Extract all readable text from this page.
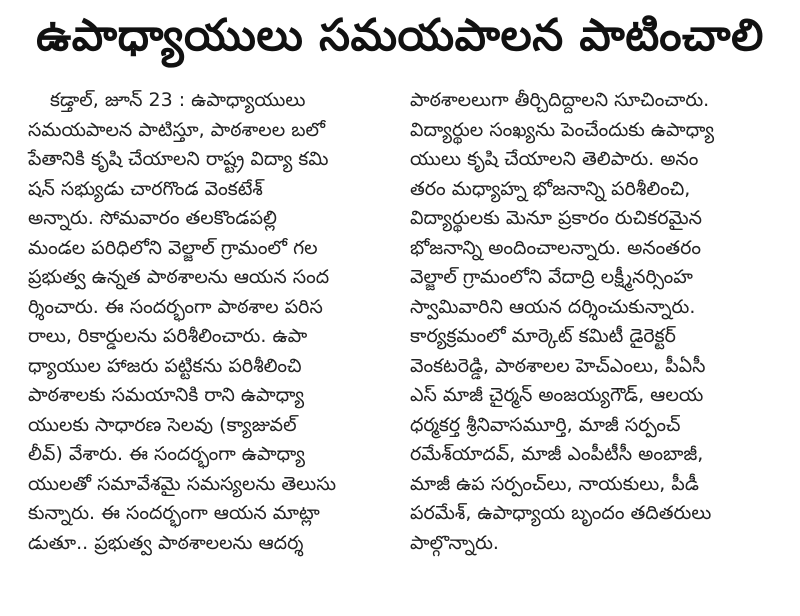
ఉపాధ్యాయులు సమయపాలన పాటించాలి
కడ్తాల్, జూన్ 23 : ఉపాధ్యాయులు
సమయపాలన పాటిస్తూ, పాఠశాలల బలో
పేతానికి కృషి చేయాలని రాష్ట్ర విద్యా కమి
షన్ సభ్యుడు చారగొండ వెంకటేశ్
అన్నారు. సోమవారం తలకొండపల్లి
మండల పరిధిలోని వెల్జాల్ గ్రామంలో గల
ప్రభుత్వ ఉన్నత పాఠశాలను ఆయన సంద
ర్శించారు. ఈ సందర్భంగా పాఠశాల పరిస
రాలు, రికార్డులను పరిశీలించారు. ఉపా
ధ్యాయుల హాజరు పట్టికను పరిశీలించి
పాఠశాలకు సమయానికి రాని ఉపాధ్యా
యులకు సాధారణ సెలవు (క్యాజువల్
లీవ్) వేశారు. ఈ సందర్భంగా ఉపాధ్యా
యులతో సమావేశమై సమస్యలను తెలుసు
కున్నారు. ఈ సందర్భంగా ఆయన మాట్లా
డుతూ.. ప్రభుత్వ పాఠశాలలను ఆదర్శ
పాఠశాలలుగా తీర్చిదిద్దాలని సూచించారు.
విద్యార్థుల సంఖ్యను పెంచేందుకు ఉపాధ్యా
యులు కృషి చేయాలని తెలిపారు. అనం
తరం మధ్యాహ్న భోజనాన్ని పరిశీలించి,
విద్యార్థులకు మెనూ ప్రకారం రుచికరమైన
భోజనాన్ని అందించాలన్నారు. అనంతరం
వెల్జాల్ గ్రామంలోని వేదాద్రి లక్ష్మీనర్సింహ
స్వామివారిని ఆయన దర్శించుకున్నారు.
కార్యక్రమంలో మార్కెట్ కమిటీ డైరెక్టర్
వెంకటరెడ్డి, పాఠశాలల హెచ్‌ఎంలు, పీఏసీ
ఎస్ మాజీ చైర్మన్ అంజయ్యగౌడ్, ఆలయ
ధర్మకర్త శ్రీనివాసమూర్తి, మాజీ సర్పంచ్
రమేశ్‌యాదవ్, మాజీ ఎంపీటీసీ అంబాజీ,
మాజీ ఉప సర్పంచ్‌లు, నాయకులు, పీడీ
పరమేశ్, ఉపాధ్యాయ బృందం తదితరులు
పాల్గొన్నారు.
